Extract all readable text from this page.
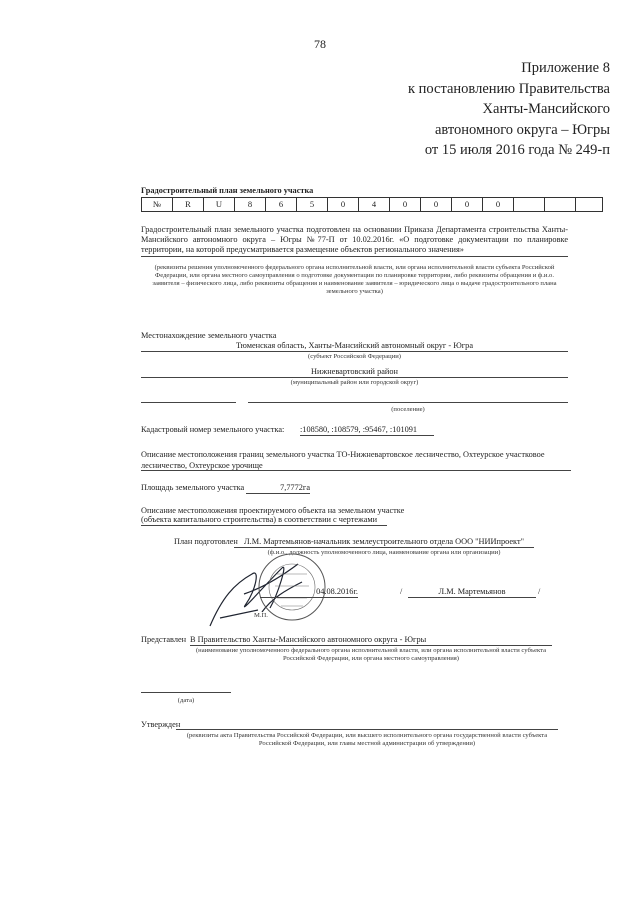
78
Приложение 8
к постановлению Правительства
Ханты-Мансийского
автономного округа – Югры
от 15 июля 2016 года № 249-п
Градостроительный план земельного участка
№	R	U	8	6	5	0	4	0	0	0	0
Градостроительный план земельного участка подготовлен на основании Приказа Департамента строительства Ханты-Мансийского автономного округа – Югры №77-П от 10.02.2016г. «О подготовке документации по планировке территории, на которой предусматривается размещение объектов регионального значения»
(реквизиты решения уполномоченного федерального органа исполнительной власти, или органа исполнительной власти субъекта Российской Федерации, или органа местного самоуправления о подготовке документации по планировке территории, либо реквизиты обращения и ф.и.о. заявителя – физического лица, либо реквизиты обращения и наименование заявителя – юридического лица о выдаче градостроительного плана земельного участка)
Местонахождение земельного участка
Тюменская область, Ханты-Мансийский автономный округ - Югра
(субъект Российской Федерации)
Нижневартовский район
(муниципальный район или городской округ)
(поселение)
Кадастровый номер земельного участка: :108580, :108579, :95467, :101091
Описание местоположения границ земельного участка ТО-Нижневартовское лесничество, Охтеурское участковое лесничество, Охтеурское урочище
Площадь земельного участка	7,7772га
Описание местоположения проектируемого объекта на земельном участке
(объекта капитального строительства) в соответствии с чертежами
План подготовлен Л.М. Мартемьянов-начальник землеустроительного отдела ООО "НИИпроект"
(ф.и.о., должность уполномоченного лица, наименование органа или организации)
М.П.
04.08.2016г.	/	Л.М. Мартемьянов	/
Представлен В Правительство Ханты-Мансийского автономного округа - Югры
(наименование уполномоченного федерального органа исполнительной власти, или органа исполнительной власти субъекта Российской Федерации, или органа местного самоуправления)
(дата)
Утвержден
(реквизиты акта Правительства Российской Федерации, или высшего исполнительного органа государственной власти субъекта Российской Федерации, или главы местной администрации об утверждении)
